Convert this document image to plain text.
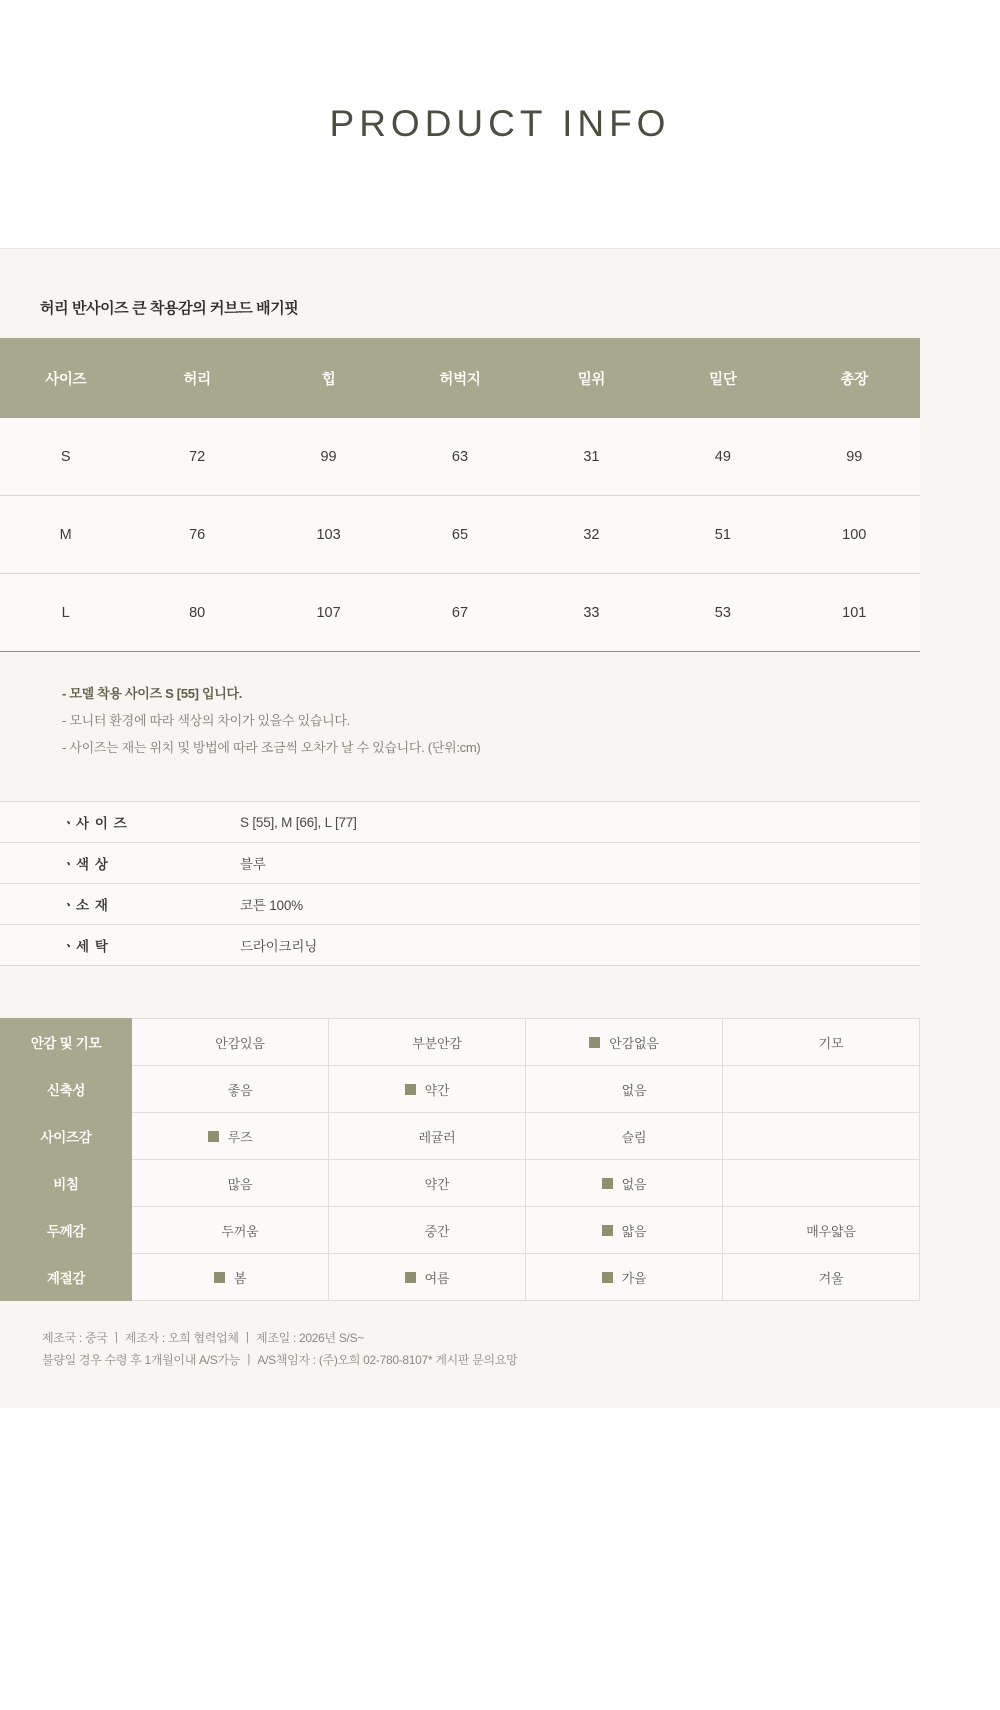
PRODUCT INFO
허리 반사이즈 큰 착용감의 커브드 배기핏
사이즈	허리	힙	허벅지	밑위	밑단	총장
S	72	99	63	31	49	99
M	76	103	65	32	51	100
L	80	107	67	33	53	101
- 모델 착용 사이즈 S [55] 입니다.
- 모니터 환경에 따라 색상의 차이가 있을수 있습니다.
- 사이즈는 재는 위치 및 방법에 따라 조금씩 오차가 날 수 있습니다. (단위:cm)
ㆍ사 이 즈	S [55], M [66], L [77]
ㆍ색 상	블루
ㆍ소 재	코튼 100%
ㆍ세 탁	드라이크리닝
안감 및 기모	안감있음	부분안감	안감없음	기모

신축성	좋음	약간	없음	

사이즈감	루즈	레귤러	슬림	

비침	많음	약간	없음	

두께감	두꺼움	중간	얇음	매우얇음

계절감	봄	여름	가을	겨울
제조국 : 중국 ㅣ 제조자 : 오희 협력업체 ㅣ 제조일 : 2026년 S/S~
불량일 경우 수령 후 1개월이내 A/S가능 ㅣ A/S책임자 : (주)오희 02-780-8107* 게시판 문의요망
